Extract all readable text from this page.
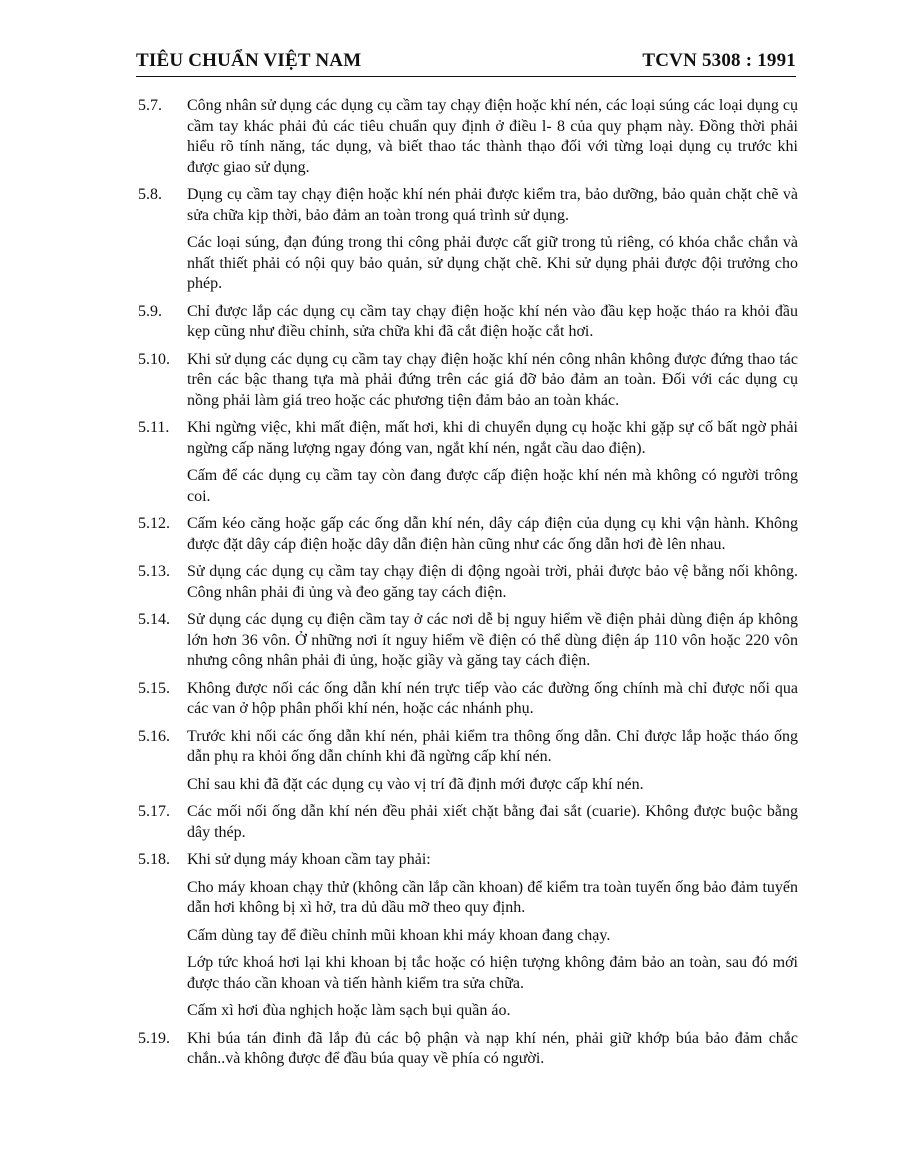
TIÊU CHUẨN VIỆT NAM	TCVN 5308 : 1991
5.7.	Công nhân sử dụng các dụng cụ cầm tay chạy điện hoặc khí nén, các loại súng các loại dụng cụ cầm tay khác phải đủ các tiêu chuẩn quy định ở điều l- 8 của quy phạm này. Đồng thời phải hiểu rõ tính năng, tác dụng, và biết thao tác thành thạo đối với từng loại dụng cụ trước khi được giao sử dụng.
5.8.	Dụng cụ cầm tay chạy điện hoặc khí nén phải được kiểm tra, bảo dưỡng, bảo quản chặt chẽ và sửa chữa kịp thời, bảo đảm an toàn trong quá trình sử dụng.
Các loại súng, đạn đúng trong thi công phải được cất giữ trong tủ riêng, có khóa chắc chắn và nhất thiết phải có nội quy bảo quản, sử dụng chặt chẽ. Khi sử dụng phải được đội trưởng cho phép.
5.9.	Chỉ được lắp các dụng cụ cầm tay chạy điện hoặc khí nén vào đầu kẹp hoặc tháo ra khỏi đầu kẹp cũng như điều chỉnh, sửa chữa khi đã cắt điện hoặc cắt hơi.
5.10.	Khi sử dụng các dụng cụ cầm tay chạy điện hoặc khí nén công nhân không được đứng thao tác trên các bậc thang tựa mà phải đứng trên các giá đỡ bảo đảm an toàn. Đối với các dụng cụ nồng phải làm giá treo hoặc các phương tiện đảm bảo an toàn khác.
5.11.	Khi ngừng việc, khi mất điện, mất hơi, khi di chuyển dụng cụ hoặc khi gặp sự cố bất ngờ phải ngừng cấp năng lượng ngay đóng van, ngắt khí nén, ngắt cầu dao điện).
Cấm để các dụng cụ cầm tay còn đang được cấp điện hoặc khí nén mà không có người trông coi.
5.12.	Cấm kéo căng hoặc gấp các ống dẫn khí nén, dây cáp điện của dụng cụ khi vận hành. Không được đặt dây cáp điện hoặc dây dẫn điện hàn cũng như các ống dẫn hơi đè lên nhau.
5.13.	Sử dụng các dụng cụ cầm tay chạy điện di động ngoài trời, phải được bảo vệ bằng nối không. Công nhân phải đi ủng và đeo găng tay cách điện.
5.14.	Sử dụng các dụng cụ điện cầm tay ở các nơi dễ bị nguy hiểm về điện phải dùng điện áp không lớn hơn 36 vôn. Ở những nơi ít nguy hiểm về điện có thể dùng điện áp 110 vôn hoặc 220 vôn nhưng công nhân phải đi ủng, hoặc giầy và găng tay cách điện.
5.15.	Không được nối các ống dẫn khí nén trực tiếp vào các đường ống chính mà chỉ được nối qua các van ở hộp phân phối khí nén, hoặc các nhánh phụ.
5.16.	Trước khi nối các ống dẫn khí nén, phải kiểm tra thông ống dẫn. Chỉ được lắp hoặc tháo ống dẫn phụ ra khỏi ống dẫn chính khi đã ngừng cấp khí nén.
Chỉ sau khi đã đặt các dụng cụ vào vị trí đã định mới được cấp khí nén.
5.17.	Các mối nối ống dẫn khí nén đều phải xiết chặt bằng đai sắt (cuarie). Không được buộc bằng dây thép.
5.18.	Khi sử dụng máy khoan cầm tay phải:
Cho máy khoan chạy thử (không cần lắp cần khoan) để kiểm tra toàn tuyến ống bảo đảm tuyến dẫn hơi không bị xì hở, tra dủ dầu mỡ theo quy định.
Cấm dùng tay để điều chỉnh mũi khoan khi máy khoan đang chạy.
Lớp tức khoá hơi lại khi khoan bị tắc hoặc có hiện tượng không đảm bảo an toàn, sau đó mới được tháo cần khoan và tiến hành kiểm tra sửa chữa.
Cấm xì hơi đùa nghịch hoặc làm sạch bụi quần áo.
5.19.	Khi búa tán đinh đã lắp đủ các bộ phận và nạp khí nén, phải giữ khớp búa bảo đảm chắc chắn..và không được để đầu búa quay về phía có người.
